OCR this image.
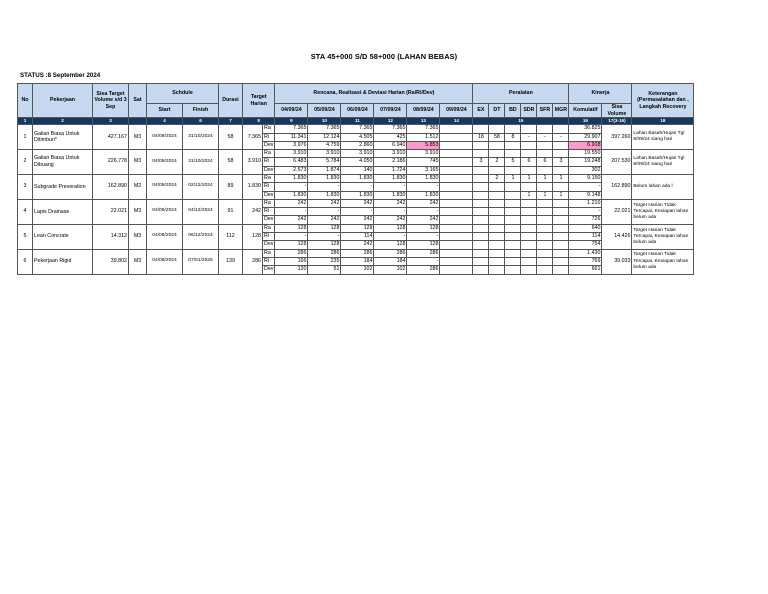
STA 45+000 S/D 58+000 (LAHAN BEBAS)
STATUS :8 September 2024
No	Pekerjaan	Sisa Target Volume s/d 3 Sep	Sat	Schdule		Durasi	Target Harian		Rencana, Realisasi & Deviasi Harian (Ra/Ri/Dev)						Peralatan						Kinerja		Keterangan (Permasalahan dan , Langkah Recovery
				Start	Finish				04/09/24	05/09/24	06/09/24	07/09/24	08/09/24	09/09/24	EX	DT	BD	SDR	SFR	MGR	Komulatif	Sisa Volume	
1	2	3		4	6	7	8		9	10	11	12	13	14	15						16	17(3-16)	18
1	Galian Biasa Untuk Ditimbun*	427.167	M3	04/09/2024	31/10/2024	58	7.365	Ra	7.365	7.365	7.365	7.365	7.365								36.825	397.260	Lahan Basah/Hujan Tgl 8/09/24 siang hari
								Ri	11.341	12.124	4.505	425	1.512		18	58	8	-	-	-	29.907		
								Dev	3.976	4.759	2.860	6.940	5.853								6.918		
2	Galian Biasa Untuk Dibuang	226.778	M3	04/09/2024	31/10/2024	58	3.910	Ra	3.910	3.910	3.910	3.910	3.910								19.550	207.530	Lahan Basah/Hujan Tgl 8/09/24 siang hari
								Ri	6.483	5.784	4.050	2.186	745		3	2	5	6	6	3	19.248		
								Dev	2.573	1.874	140	1.724	3.165								302		
3	Subgrade Preveration	162.890	M2	04/09/2024	02/12/2024	89	1.830	Ra	1.830	1.830	1.830	1.830	1.830			2	1	1	1	1	9.150	162.890	Belum lahan ada l
								Ri	-	-	-	-	-								-		
								Dev	1.830	1.830	1.830	1.830	1.830					1	1	1	9.148		
4	Lapis Drainase	22.021	M3	04/09/2024	04/12/2024	91	242	Ra	242	242	242	242	242								1.210	22.021	Target Harian Tidak Tercapai, Kesiapan lahan belum ada
								Ri	-	-	-	-	-								-		
								Dev	242	242	242	242	242								726		
5	Lean Concrate	14.312	M3	04/09/2024	06/12/2024	112	128	Ra	128	128	128	128	128								640	14.426	Target Harian Tidak Tercapai, Kesiapan lahan belum ada
								Ri	-	-	114	-	-								114		
								Dev	128	128	242	128	128								754		
6	Pekerjaan Rigid	39.802	M3	04/09/2024	07/01/2025	139	286	Ra	286	286	286	286	286								1.430	39.033	Target Harian Tidak Tercapai, Kesiapan lahan belum ada
								Ri	166	235	184	184	-								769		
								Dev	120	51	102	102	286								661		
